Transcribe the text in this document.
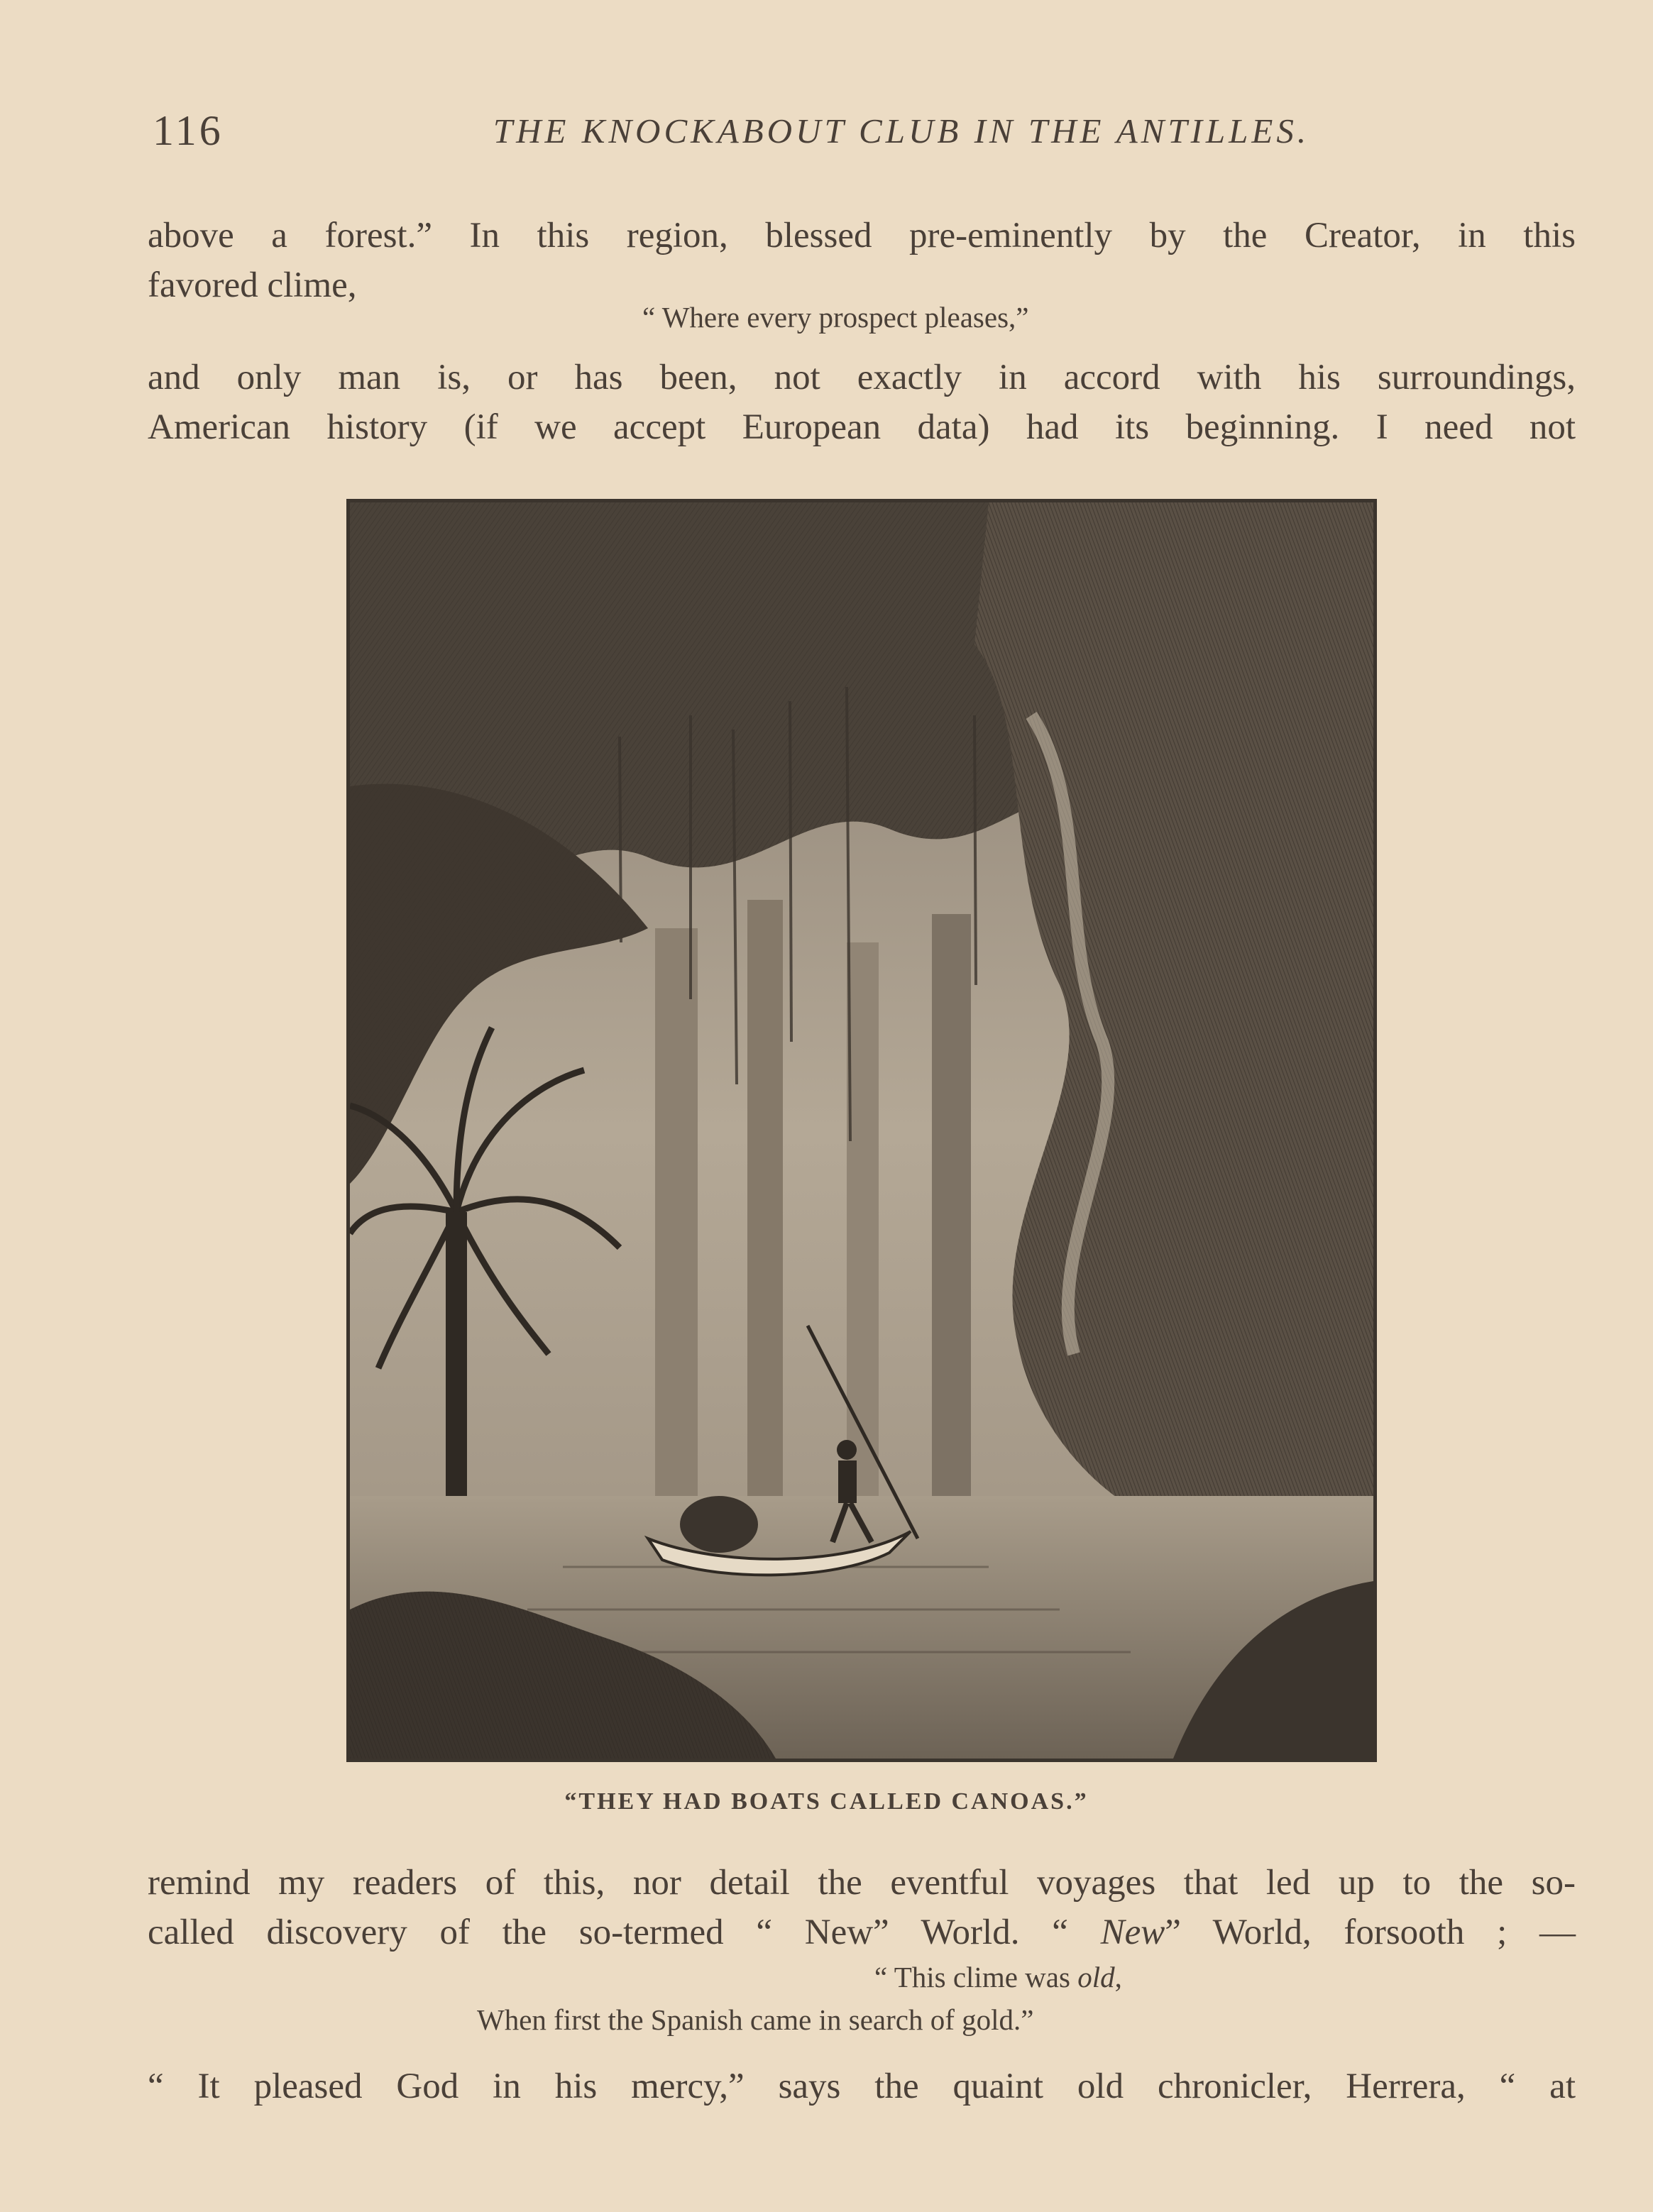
116	THE KNOCKABOUT CLUB IN THE ANTILLES.

above a forest.” In this region, blessed pre-eminently by the Creator, in this
favored clime,

“ Where every prospect pleases,”

and only man is, or has been, not exactly in accord with his surroundings,
American history (if we accept European data) had its beginning. I need not

“THEY HAD BOATS CALLED CANOAS.”

remind my readers of this, nor detail the eventful voyages that led up to the so-
called discovery of the so-termed “ New” World. “ New” World, forsooth ; —

“ This clime was old,

When first the Spanish came in search of gold.”

“ It pleased God in his mercy,” says the quaint old chronicler, Herrera, “ at
